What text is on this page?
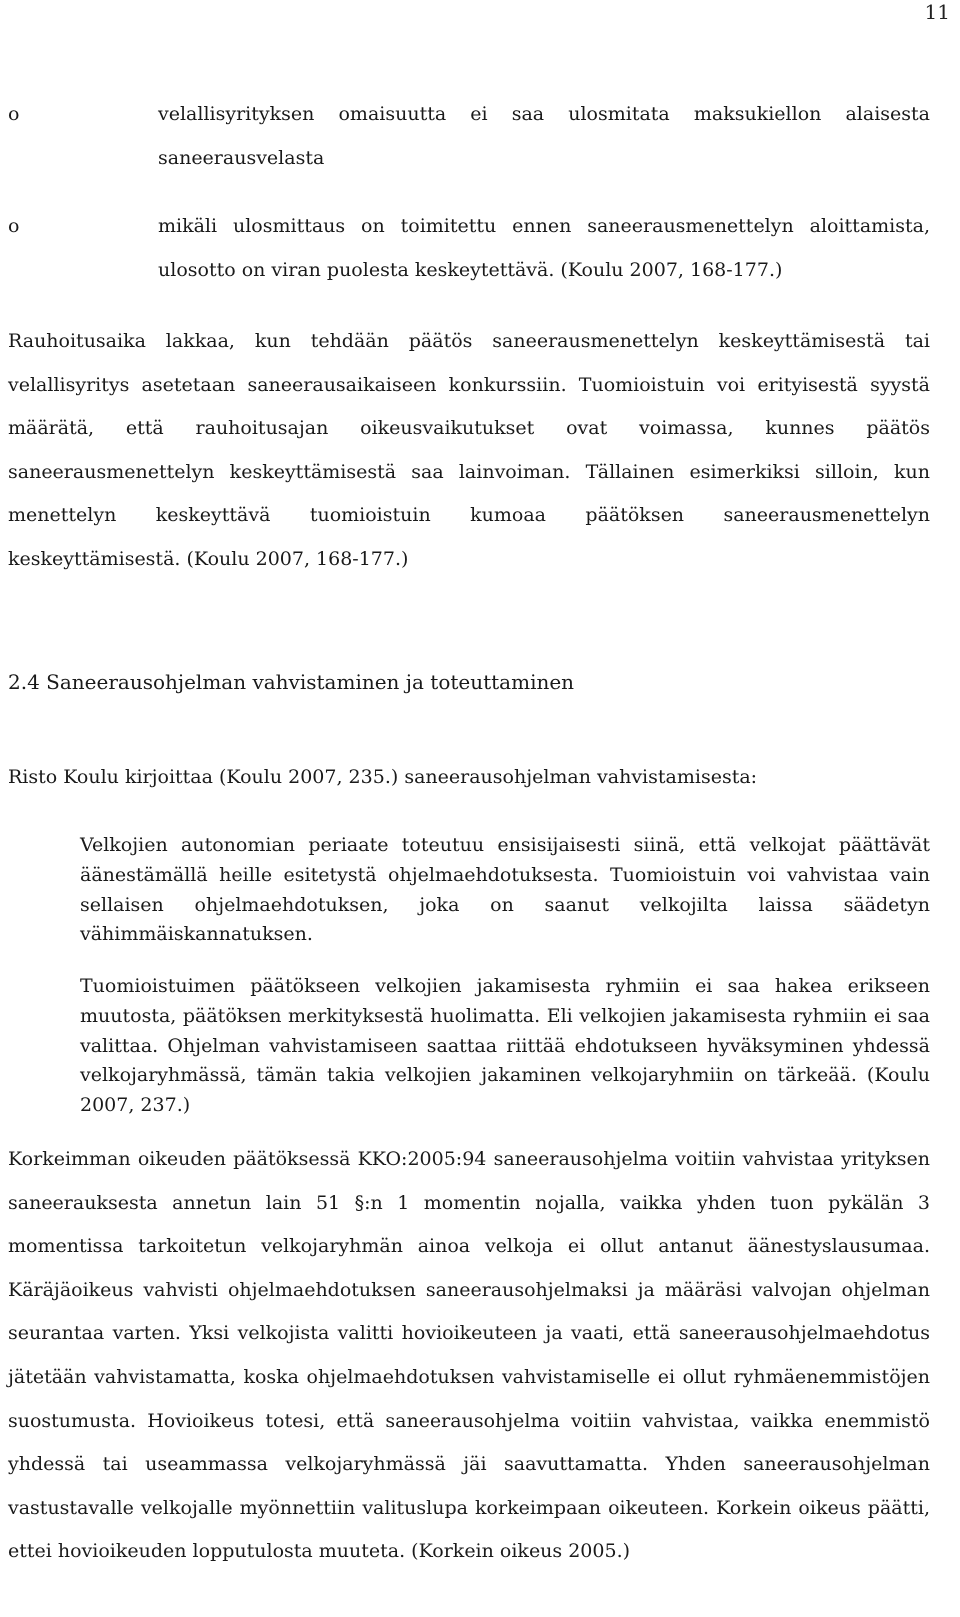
11
o	velallisyrityksen omaisuutta ei saa ulosmitata maksukiellon alaisesta saneerausvelasta
o	mikäli ulosmittaus on toimitettu ennen saneerausmenettelyn aloittamista, ulosotto on viran puolesta keskeytettävä. (Koulu 2007, 168-177.)

Rauhoitusaika lakkaa, kun tehdään päätös saneerausmenettelyn keskeyttämisestä tai velallisyritys asetetaan saneerausaikaiseen konkurssiin. Tuomioistuin voi erityisestä syystä määrätä, että rauhoitusajan oikeusvaikutukset ovat voimassa, kunnes päätös saneerausmenettelyn keskeyttämisestä saa lainvoiman. Tällainen esimerkiksi silloin, kun menettelyn keskeyttävä tuomioistuin kumoaa päätöksen saneerausmenettelyn keskeyttämisestä. (Koulu 2007, 168-177.)

2.4 Saneerausohjelman vahvistaminen ja toteuttaminen

Risto Koulu kirjoittaa (Koulu 2007, 235.) saneerausohjelman vahvistamisesta:

Velkojien autonomian periaate toteutuu ensisijaisesti siinä, että velkojat päättävät äänestämällä heille esitetystä ohjelmaehdotuksesta. Tuomioistuin voi vahvistaa vain sellaisen ohjelmaehdotuksen, joka on saanut velkojilta laissa säädetyn vähimmäiskannatuksen.

Tuomioistuimen päätökseen velkojien jakamisesta ryhmiin ei saa hakea erikseen muutosta, päätöksen merkityksestä huolimatta. Eli velkojien jakamisesta ryhmiin ei saa valittaa. Ohjelman vahvistamiseen saattaa riittää ehdotukseen hyväksyminen yhdessä velkojaryhmässä, tämän takia velkojien jakaminen velkojaryhmiin on tärkeää. (Koulu 2007, 237.)

Korkeimman oikeuden päätöksessä KKO:2005:94 saneerausohjelma voitiin vahvistaa yrityksen saneerauksesta annetun lain 51 §:n 1 momentin nojalla, vaikka yhden tuon pykälän 3 momentissa tarkoitetun velkojaryhmän ainoa velkoja ei ollut antanut äänestyslausumaa. Käräjäoikeus vahvisti ohjelmaehdotuksen saneerausohjelmaksi ja määräsi valvojan ohjelman seurantaa varten. Yksi velkojista valitti hovioikeuteen ja vaati, että saneerausohjelmaehdotus jätetään vahvistamatta, koska ohjelmaehdotuksen vahvistamiselle ei ollut ryhmäenemmistöjen suostumusta. Hovioikeus totesi, että saneerausohjelma voitiin vahvistaa, vaikka enemmistö yhdessä tai useammassa velkojaryhmässä jäi saavuttamatta. Yhden saneerausohjelman vastustavalle velkojalle myönnettiin valituslupa korkeimpaan oikeuteen. Korkein oikeus päätti, ettei hovioikeuden lopputulosta muuteta. (Korkein oikeus 2005.)
